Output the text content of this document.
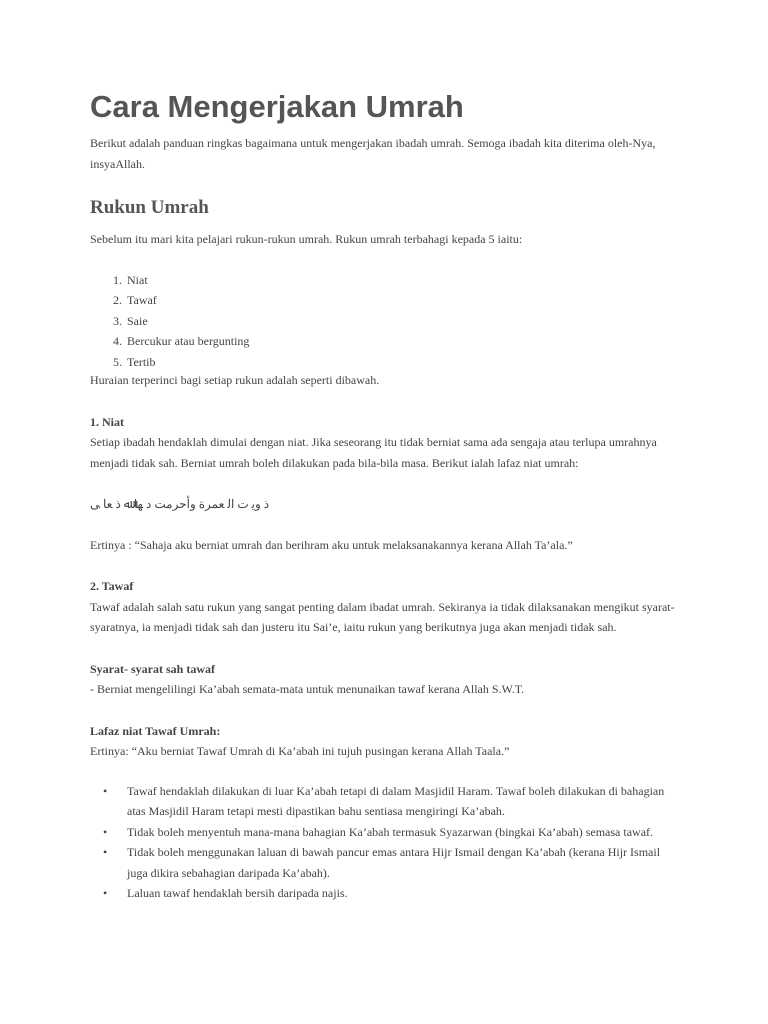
Cara Mengerjakan Umrah

Berikut adalah panduan ringkas bagaimana untuk mengerjakan ibadah umrah. Semoga ibadah kita diterima oleh-Nya, insyaAllah.

Rukun Umrah

Sebelum itu mari kita pelajari rukun-rukun umrah. Rukun umrah terbahagi kepada 5 iaitu:

1. Niat
2. Tawaf
3. Saie
4. Bercukur atau bergunting
5. Tertib

Huraian terperinci bagi setiap rukun adalah seperti dibawah.

1. Niat

Setiap ibadah hendaklah dimulai dengan niat. Jika seseorang itu tidak berniat sama ada sengaja atau terlupa umrahnya menjadi tidak sah. Berniat umrah boleh dilakukan pada bila-bila masa. Berikut ialah lafaz niat umrah:

ﺫ ﻭﻳ ﺕ ﺍﻟ ﻌﻤﺮﺓ ﻭﺃﺣﺮﻣﺖ ﺩ ﻬﺎ ﷲ ﺫ ﻌﺎ ﻰ

Ertinya : “Sahaja aku berniat umrah dan berihram aku untuk melaksanakannya kerana Allah Ta’ala.”

2. Tawaf

Tawaf adalah salah satu rukun yang sangat penting dalam ibadat umrah. Sekiranya ia tidak dilaksanakan mengikut syarat-syaratnya, ia menjadi tidak sah dan justeru itu Sai’e, iaitu rukun yang berikutnya juga akan menjadi tidak sah.

Syarat- syarat sah tawaf

- Berniat mengelilingi Ka’abah semata-mata untuk menunaikan tawaf kerana Allah S.W.T.

Lafaz niat Tawaf Umrah:

Ertinya: “Aku berniat Tawaf Umrah di Ka’abah ini tujuh pusingan kerana Allah Taala.”

• Tawaf hendaklah dilakukan di luar Ka’abah tetapi di dalam Masjidil Haram. Tawaf boleh dilakukan di bahagian atas Masjidil Haram tetapi mesti dipastikan bahu sentiasa mengiringi Ka’abah.
• Tidak boleh menyentuh mana-mana bahagian Ka’abah termasuk Syazarwan (bingkai Ka’abah) semasa tawaf.
• Tidak boleh menggunakan laluan di bawah pancur emas antara Hijr Ismail dengan Ka’abah (kerana Hijr Ismail juga dikira sebahagian daripada Ka’abah).
• Laluan tawaf hendaklah bersih daripada najis.
